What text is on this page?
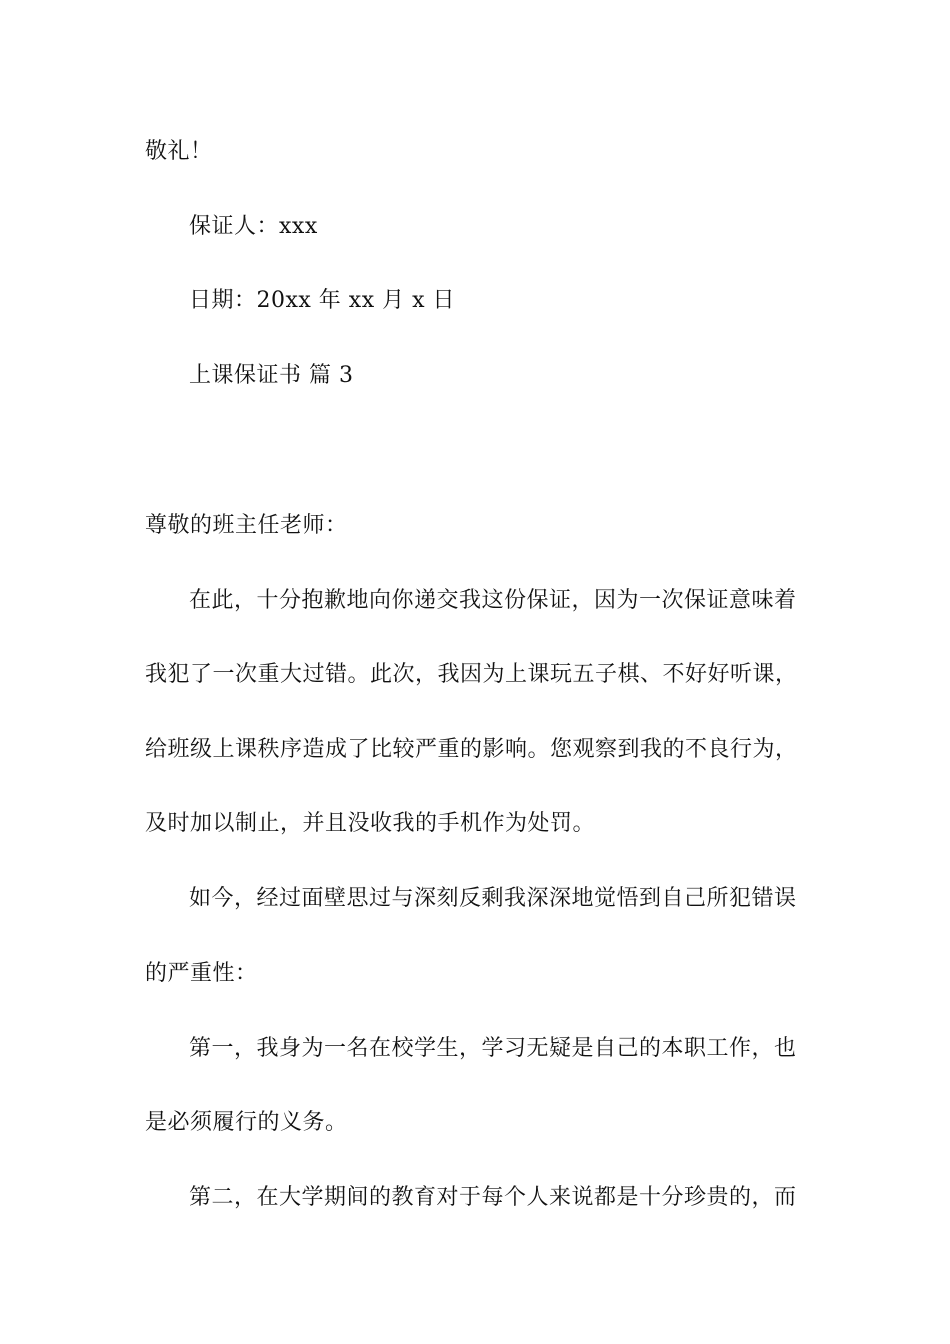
敬礼！
保证人：xxx
日期：20xx 年 xx 月 x 日
上课保证书 篇 3
尊敬的班主任老师：
在此，十分抱歉地向你递交我这份保证，因为一次保证意味着
我犯了一次重大过错。此次，我因为上课玩五子棋、不好好听课，
给班级上课秩序造成了比较严重的影响。您观察到我的不良行为，
及时加以制止，并且没收我的手机作为处罚。
如今，经过面壁思过与深刻反剩我深深地觉悟到自己所犯错误
的严重性：
第一，我身为一名在校学生，学习无疑是自己的本职工作，也
是必须履行的义务。
第二，在大学期间的教育对于每个人来说都是十分珍贵的，而
